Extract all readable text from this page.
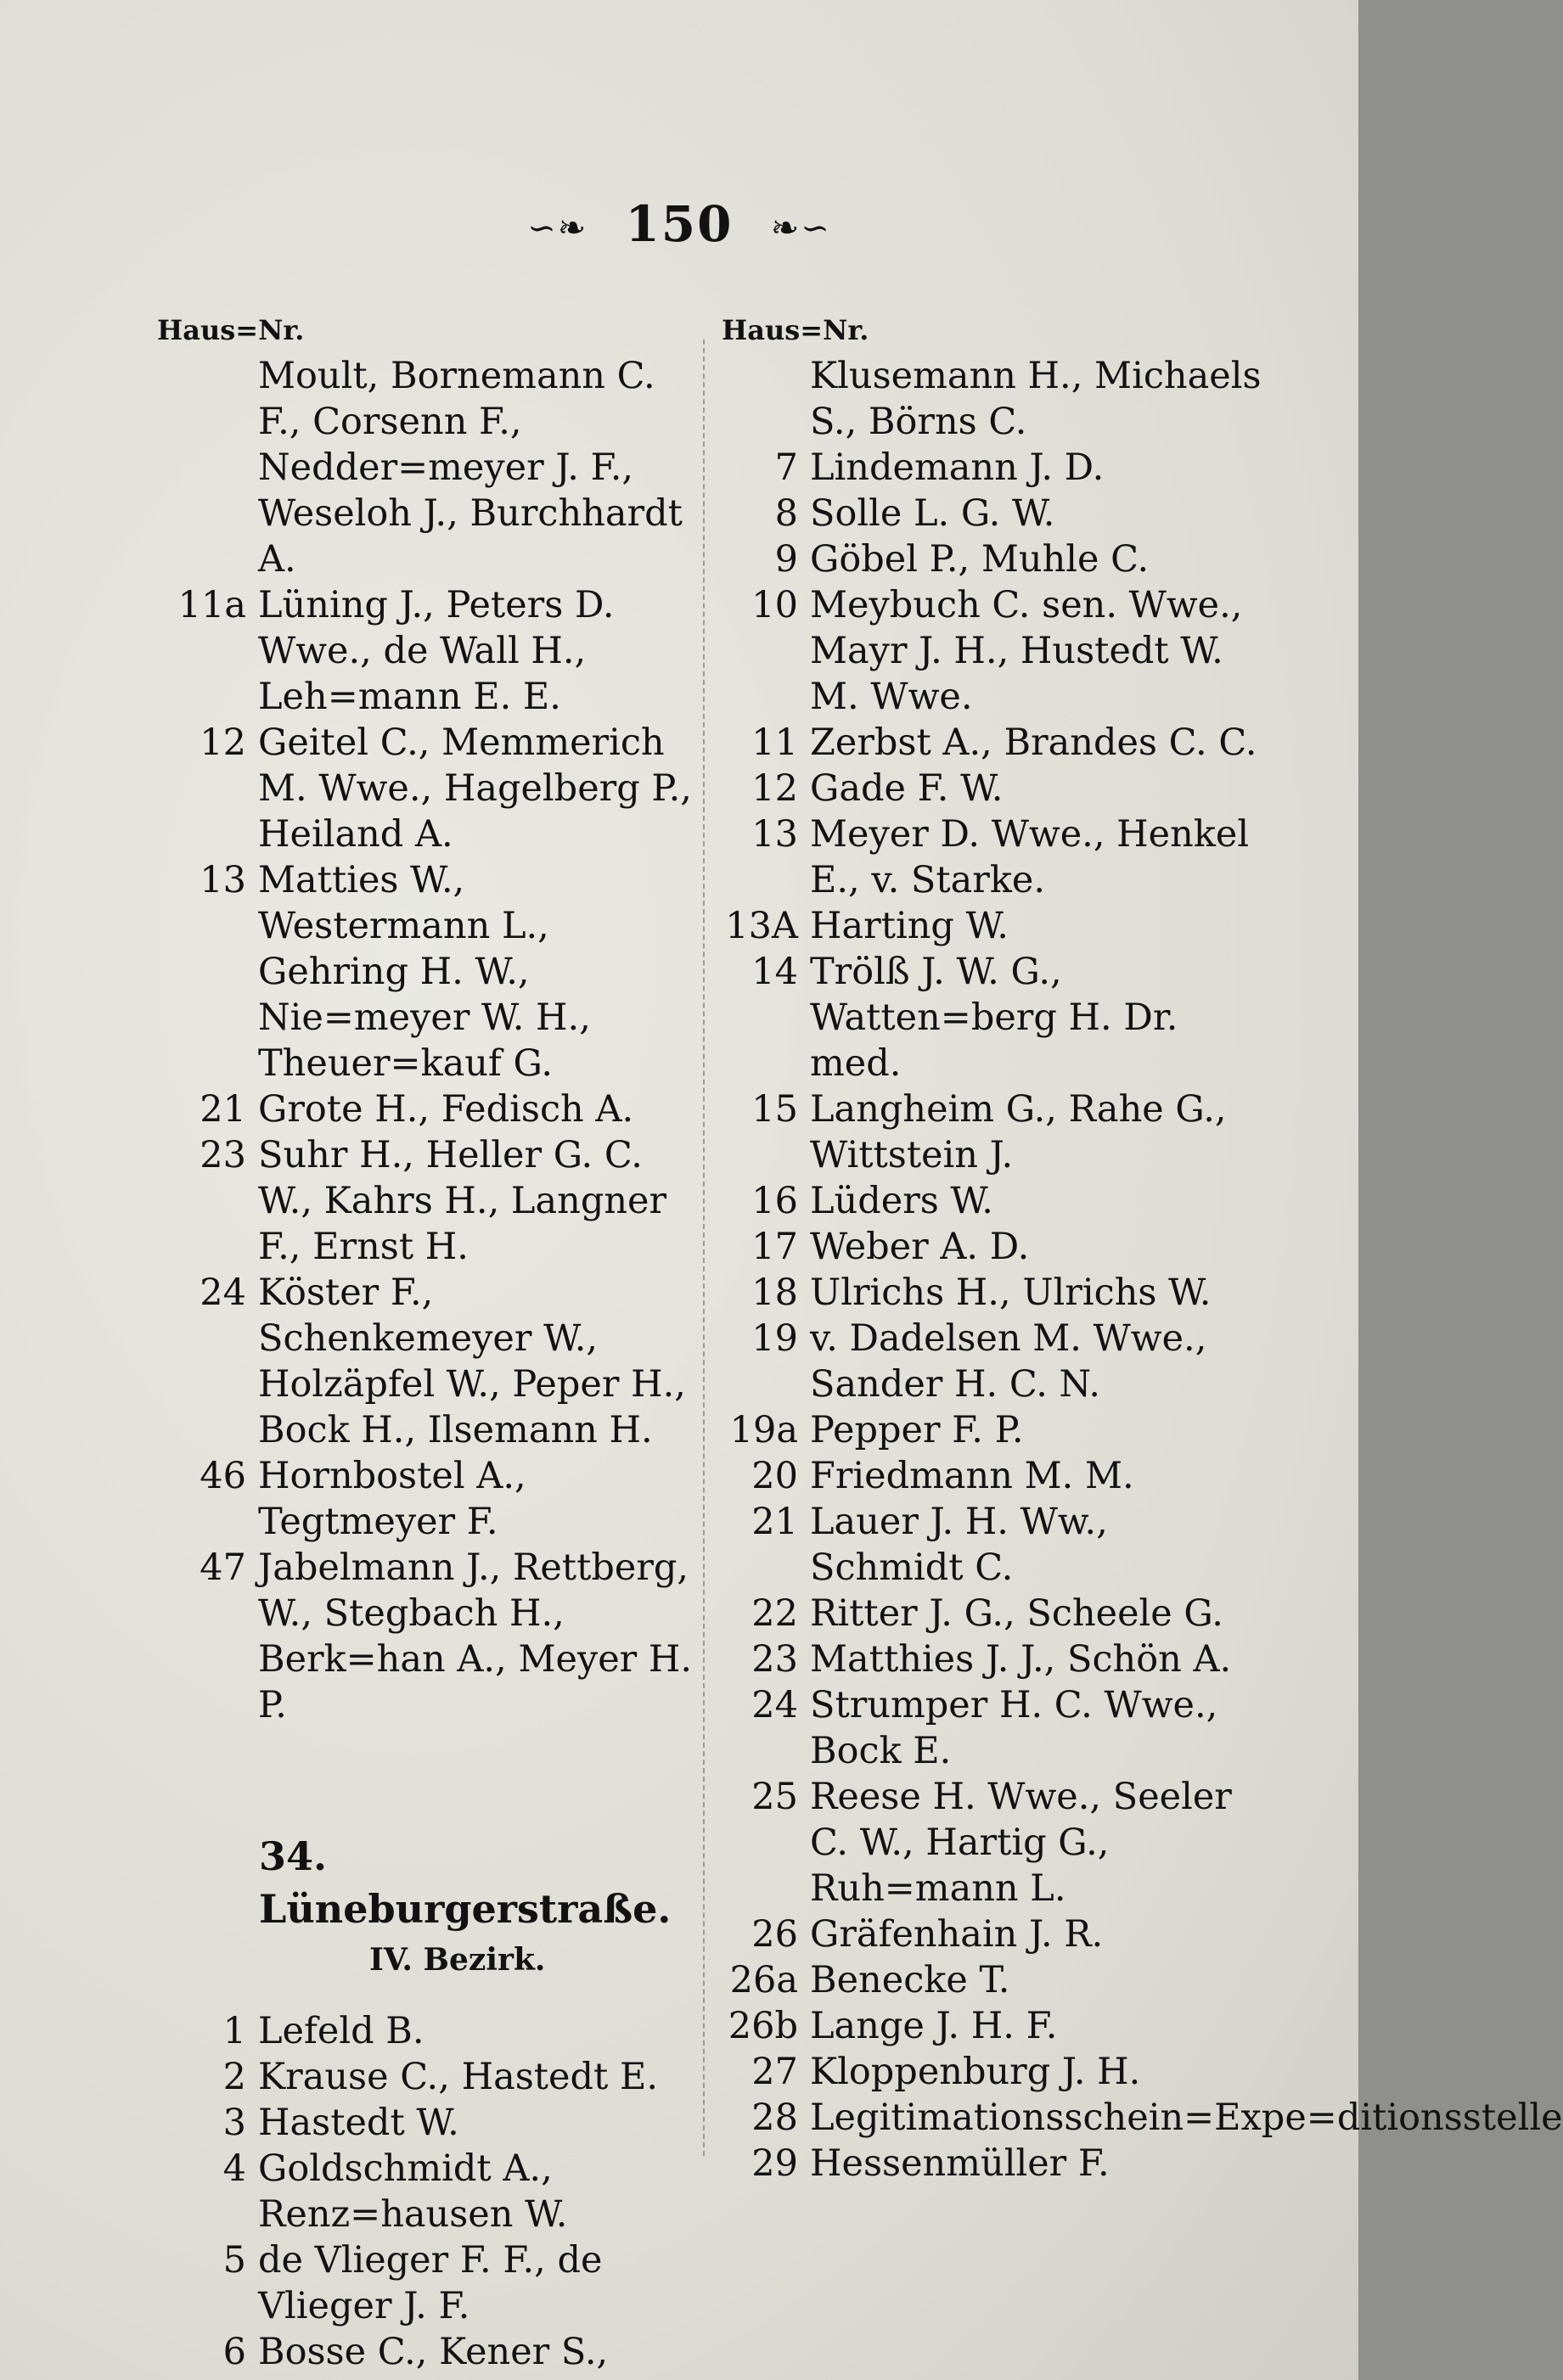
∽❧ 150 ❧∽
Haus=Nr.
Moult, Bornemann C. F., Corsenn F., Nedder=meyer J. F., Weseloh J., Burchhardt A.
11a Lüning J., Peters D. Wwe., de Wall H., Leh=mann E. E.
12 Geitel C., Memmerich M. Wwe., Hagelberg P., Heiland A.
13 Matties W., Westermann L., Gehring H. W., Nie=meyer W. H., Theuer=kauf G.
21 Grote H., Fedisch A.
23 Suhr H., Heller G. C. W., Kahrs H., Langner F., Ernst H.
24 Köster F., Schenkemeyer W., Holzäpfel W., Peper H., Bock H., Ilsemann H.
46 Hornbostel A., Tegtmeyer F.
47 Jabelmann J., Rettberg, W., Stegbach H., Berk=han A., Meyer H. P.
34. Lüneburgerstraße.
IV. Bezirk.
1 Lefeld B.
2 Krause C., Hastedt E.
3 Hastedt W.
4 Goldschmidt A., Renz=hausen W.
5 de Vlieger F. F., de Vlieger J. F.
6 Bosse C., Kener S.,
Haus=Nr.
Klusemann H., Michaels S., Börns C.
7 Lindemann J. D.
8 Solle L. G. W.
9 Göbel P., Muhle C.
10 Meybuch C. sen. Wwe., Mayr J. H., Hustedt W. M. Wwe.
11 Zerbst A., Brandes C. C.
12 Gade F. W.
13 Meyer D. Wwe., Henkel E., v. Starke.
13A Harting W.
14 Trölß J. W. G., Watten=berg H. Dr. med.
15 Langheim G., Rahe G., Wittstein J.
16 Lüders W.
17 Weber A. D.
18 Ulrichs H., Ulrichs W.
19 v. Dadelsen M. Wwe., Sander H. C. N.
19a Pepper F. P.
20 Friedmann M. M.
21 Lauer J. H. Ww., Schmidt C.
22 Ritter J. G., Scheele G.
23 Matthies J. J., Schön A.
24 Strumper H. C. Wwe., Bock E.
25 Reese H. Wwe., Seeler C. W., Hartig G., Ruh=mann L.
26 Gräfenhain J. R.
26a Benecke T.
26b Lange J. H. F.
27 Kloppenburg J. H.
28 Legitimationsschein=Expe=ditionsstelle
29 Hessenmüller F.
